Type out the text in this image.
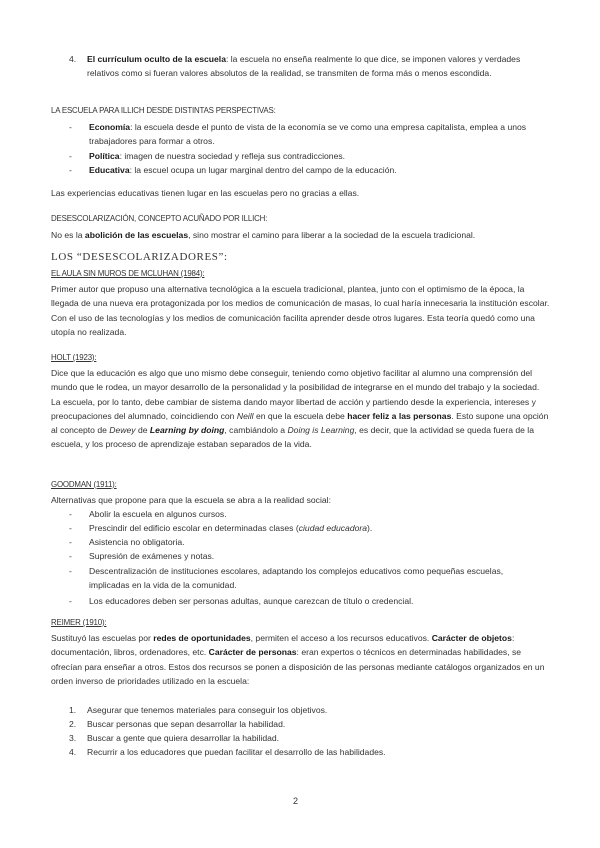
4. El currículum oculto de la escuela: la escuela no enseña realmente lo que dice, se imponen valores y verdades relativos como si fueran valores absolutos de la realidad, se transmiten de forma más o menos escondida.

LA ESCUELA PARA ILLICH DESDE DISTINTAS PERSPECTIVAS:
- Economía: la escuela desde el punto de vista de la economía se ve como una empresa capitalista, emplea a unos trabajadores para formar a otros.

- Política: imagen de nuestra sociedad y refleja sus contradicciones.

- Educativa: la escuel ocupa un lugar marginal dentro del campo de la educación.

Las experiencias educativas tienen lugar en las escuelas pero no gracias a ellas.

DESESCOLARIZACIÓN, CONCEPTO ACUÑADO POR ILLICH:

No es la abolición de las escuelas, sino mostrar el camino para liberar a la sociedad de la escuela tradicional.

LOS “DESESCOLARIZADORES”:
EL AULA SIN MUROS DE MCLUHAN (1984):

Primer autor que propuso una alternativa tecnológica a la escuela tradicional, plantea, junto con el optimismo de la época, la llegada de una nueva era protagonizada por los medios de comunicación de masas, lo cual haría innecesaria la institución escolar. Con el uso de las tecnologías y los medios de comunicación facilita aprender desde otros lugares. Esta teoría quedó como una utopía no realizada.

HOLT (1923):

Dice que la educación es algo que uno mismo debe conseguir, teniendo como objetivo facilitar al alumno una comprensión del mundo que le rodea, un mayor desarrollo de la personalidad y la posibilidad de integrarse en el mundo del trabajo y la sociedad. La escuela, por lo tanto, debe cambiar de sistema dando mayor libertad de acción y partiendo desde la experiencia, intereses y preocupaciones del alumnado, coincidiendo con Neill en que la escuela debe hacer feliz a las personas. Esto supone una opción al concepto de Dewey de Learning by doing, cambiándolo a Doing is Learning, es decir, que la actividad se queda fuera de la escuela, y los proceso de aprendizaje estaban separados de la vida.

GOODMAN (1911):

Alternativas que propone para que la escuela se abra a la realidad social:

- Abolir la escuela en algunos cursos.

- Prescindir del edificio escolar en determinadas clases (ciudad educadora).

- Asistencia no obligatoria.

- Supresión de exámenes y notas.

- Descentralización de instituciones escolares, adaptando los complejos educativos como pequeñas escuelas, implicadas en la vida de la comunidad.

- Los educadores deben ser personas adultas, aunque carezcan de título o credencial.

REIMER (1910):

Sustituyó las escuelas por redes de oportunidades, permiten el acceso a los recursos educativos. Carácter de objetos: documentación, libros, ordenadores, etc. Carácter de personas: eran expertos o técnicos en determinadas habilidades, se ofrecían para enseñar a otros. Estos dos recursos se ponen a disposición de las personas mediante catálogos organizados en un orden inverso de prioridades utilizado en la escuela:

1. Asegurar que tenemos materiales para conseguir los objetivos.

2. Buscar personas que sepan desarrollar la habilidad.

3. Buscar a gente que quiera desarrollar la habilidad.

4. Recurrir a los educadores que puedan facilitar el desarrollo de las habilidades.

2
